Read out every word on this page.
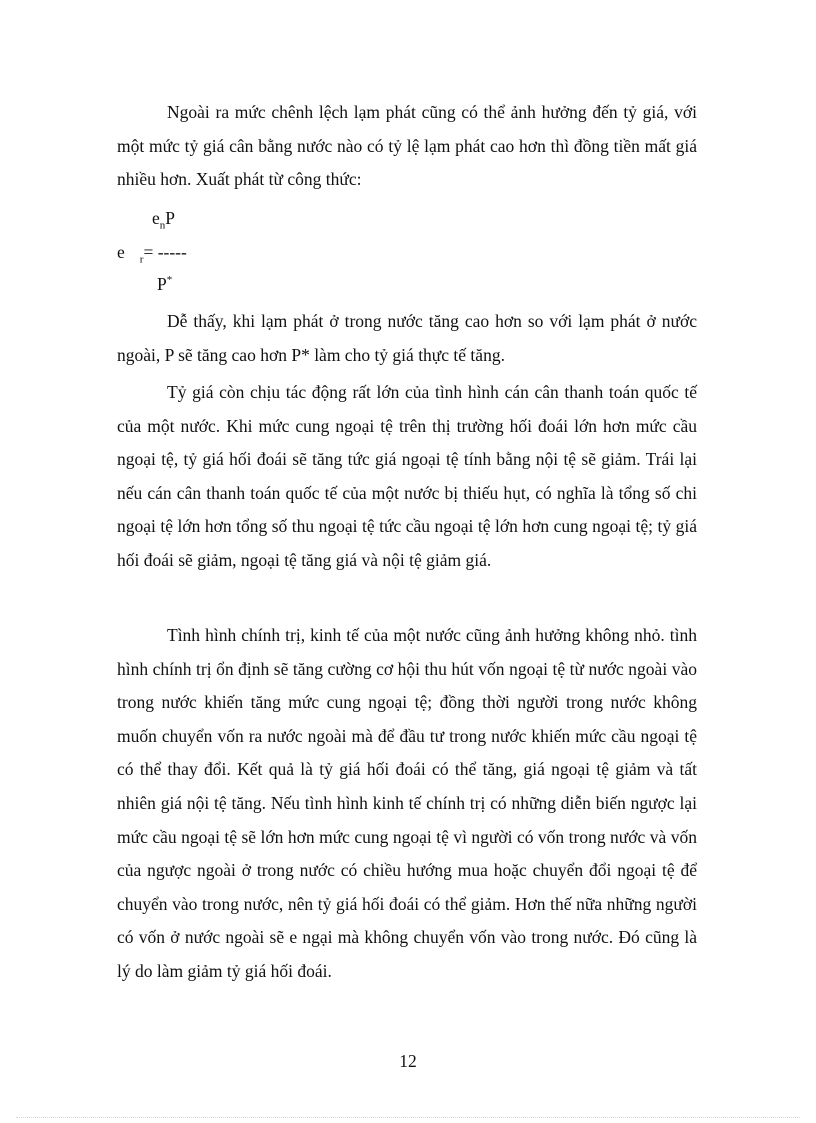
Ngoài ra mức chênh lệch lạm phát cũng có thể ảnh hưởng đến tỷ giá, với một mức tỷ giá cân bằng nước nào có tỷ lệ lạm phát cao hơn thì đồng tiền mất giá nhiều hơn. Xuất phát từ công thức:

$e_nP$

e $_r$= -----

P*

Dễ thấy, khi lạm phát ở trong nước tăng cao hơn so với lạm phát ở nước ngoài, P sẽ tăng cao hơn P* làm cho tỷ giá thực tế tăng.

Tỷ giá còn chịu tác động rất lớn của tình hình cán cân thanh toán quốc tế của một nước. Khi mức cung ngoại tệ trên thị trường hối đoái lớn hơn mức cầu ngoại tệ, tỷ giá hối đoái sẽ tăng tức giá ngoại tệ tính bằng nội tệ sẽ giảm. Trái lại nếu cán cân thanh toán quốc tế của một nước bị thiếu hụt, có nghĩa là tổng số chi ngoại tệ lớn hơn tổng số thu ngoại tệ tức cầu ngoại tệ lớn hơn cung ngoại tệ; tỷ giá hối đoái sẽ giảm, ngoại tệ tăng giá và nội tệ giảm giá.

Tình hình chính trị, kinh tế của một nước cũng ảnh hưởng không nhỏ. tình hình chính trị ổn định sẽ tăng cường cơ hội thu hút vốn ngoại tệ từ nước ngoài vào trong nước khiến tăng mức cung ngoại tệ; đồng thời người trong nước không muốn chuyển vốn ra nước ngoài mà để đầu tư trong nước khiến mức cầu ngoại tệ có thể thay đổi. Kết quả là tỷ giá hối đoái có thể tăng, giá ngoại tệ giảm và tất nhiên giá nội tệ tăng. Nếu tình hình kinh tế chính trị có những diễn biến ngược lại mức cầu ngoại tệ sẽ lớn hơn mức cung ngoại tệ vì người có vốn trong nước và vốn của ngược ngoài ở trong nước có chiều hướng mua hoặc chuyển đổi ngoại tệ để chuyển vào trong nước, nên tỷ giá hối đoái có thể giảm. Hơn thế nữa những người có vốn ở nước ngoài sẽ e ngại mà không chuyển vốn vào trong nước. Đó cũng là lý do làm giảm tỷ giá hối đoái.

12
